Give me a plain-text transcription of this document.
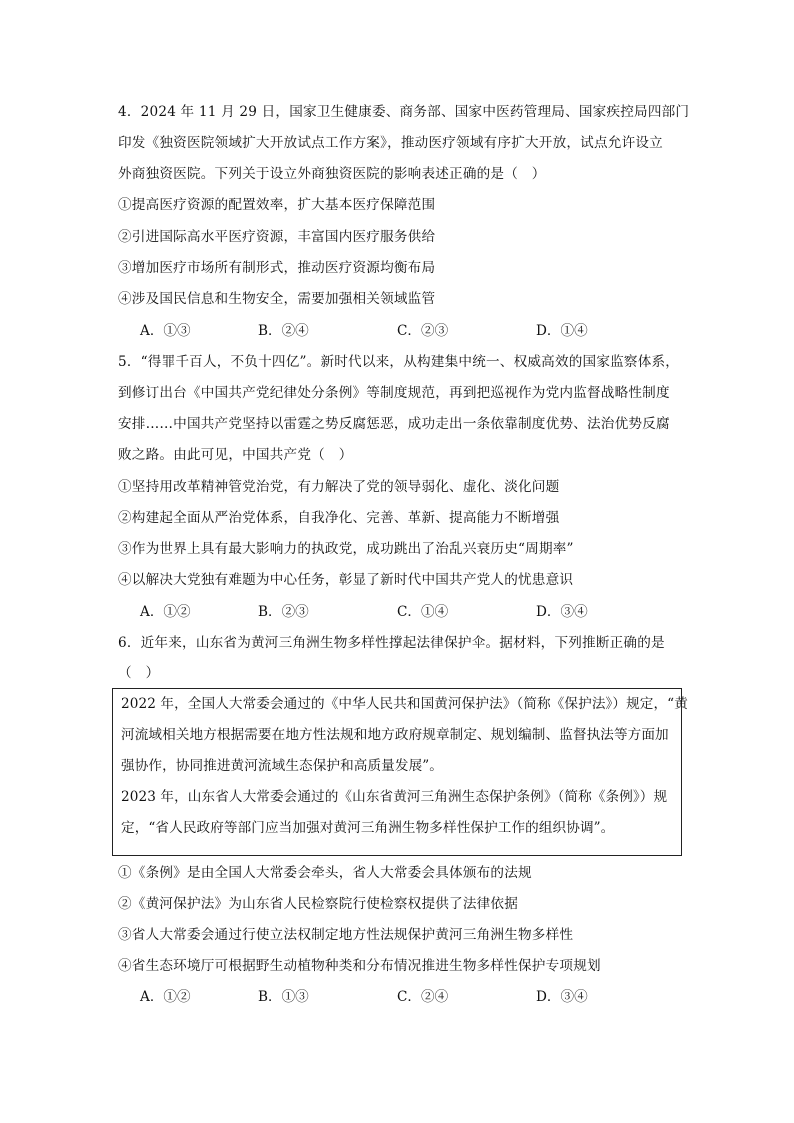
4．2024 年 11 月 29 日，国家卫生健康委、商务部、国家中医药管理局、国家疾控局四部门
印发《独资医院领域扩大开放试点工作方案》，推动医疗领域有序扩大开放，试点允许设立
外商独资医院。下列关于设立外商独资医院的影响表述正确的是（　）
①提高医疗资源的配置效率，扩大基本医疗保障范围
②引进国际高水平医疗资源，丰富国内医疗服务供给
③增加医疗市场所有制形式，推动医疗资源均衡布局
④涉及国民信息和生物安全，需要加强相关领域监管
A．①③	B．②④	C．②③	D．①④
5．“得罪千百人，不负十四亿”。新时代以来，从构建集中统一、权威高效的国家监察体系，
到修订出台《中国共产党纪律处分条例》等制度规范，再到把巡视作为党内监督战略性制度
安排……中国共产党坚持以雷霆之势反腐惩恶，成功走出一条依靠制度优势、法治优势反腐
败之路。由此可见，中国共产党（　）
①坚持用改革精神管党治党，有力解决了党的领导弱化、虚化、淡化问题
②构建起全面从严治党体系，自我净化、完善、革新、提高能力不断增强
③作为世界上具有最大影响力的执政党，成功跳出了治乱兴衰历史“周期率”
④以解决大党独有难题为中心任务，彰显了新时代中国共产党人的忧患意识
A．①②	B．②③	C．①④	D．③④
6．近年来，山东省为黄河三角洲生物多样性撑起法律保护伞。据材料，下列推断正确的是
（　）
2022 年，全国人大常委会通过的《中华人民共和国黄河保护法》（简称《保护法》）规定，“黄
河流域相关地方根据需要在地方性法规和地方政府规章制定、规划编制、监督执法等方面加
强协作，协同推进黄河流域生态保护和高质量发展”。
2023 年，山东省人大常委会通过的《山东省黄河三角洲生态保护条例》（简称《条例》）规
定，“省人民政府等部门应当加强对黄河三角洲生物多样性保护工作的组织协调”。
①《条例》是由全国人大常委会牵头，省人大常委会具体颁布的法规
②《黄河保护法》为山东省人民检察院行使检察权提供了法律依据
③省人大常委会通过行使立法权制定地方性法规保护黄河三角洲生物多样性
④省生态环境厅可根据野生动植物种类和分布情况推进生物多样性保护专项规划
A．①②	B．①③	C．②④	D．③④
